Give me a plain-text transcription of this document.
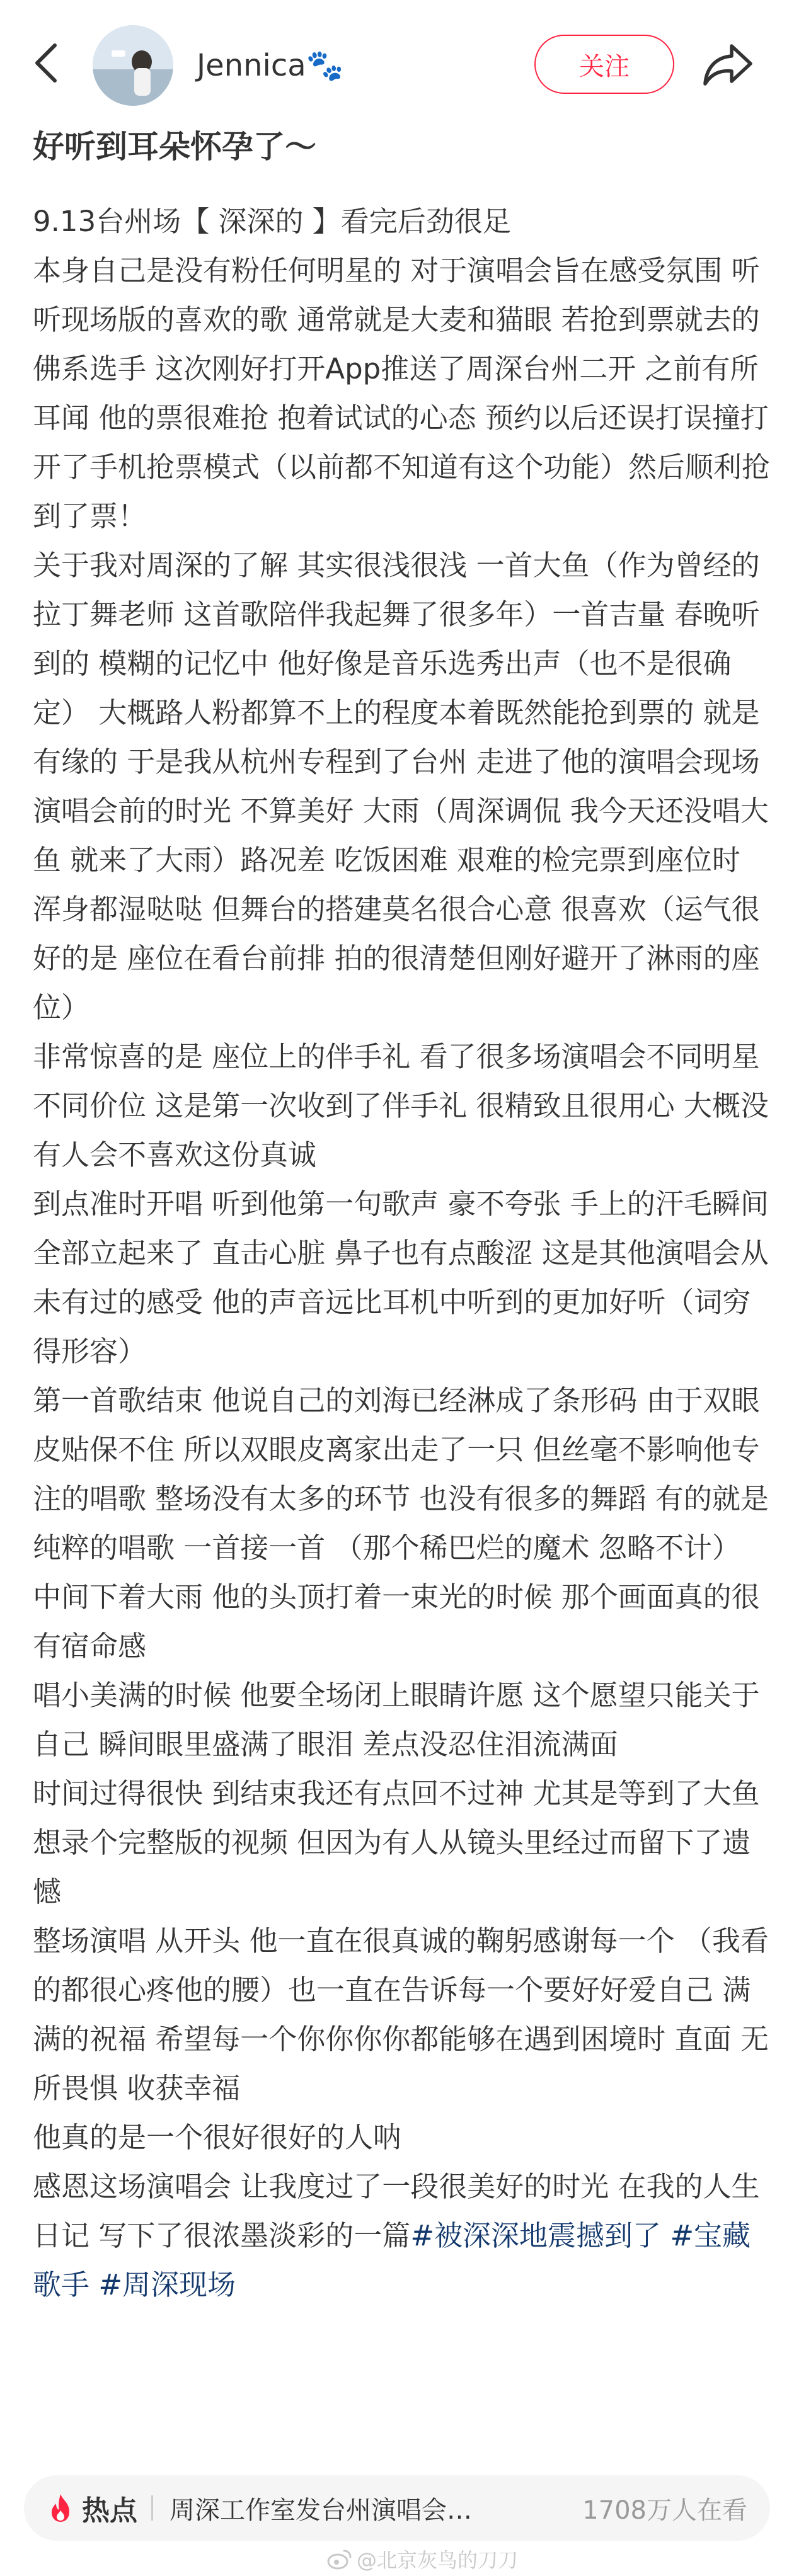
Jennica🐾	关注
好听到耳朵怀孕了～

9.13台州场【 深深的 】看完后劲很足

本身自己是没有粉任何明星的 对于演唱会旨在感受氛围 听听现场版的喜欢的歌 通常就是大麦和猫眼 若抢到票就去的佛系选手 这次刚好打开App推送了周深台州二开 之前有所耳闻 他的票很难抢 抱着试试的心态 预约以后还误打误撞打开了手机抢票模式（以前都不知道有这个功能）然后顺利抢到了票！

关于我对周深的了解 其实很浅很浅 一首大鱼（作为曾经的拉丁舞老师 这首歌陪伴我起舞了很多年）一首吉量 春晚听到的 模糊的记忆中 他好像是音乐选秀出声（也不是很确定） 大概路人粉都算不上的程度本着既然能抢到票的 就是有缘的 于是我从杭州专程到了台州 走进了他的演唱会现场

演唱会前的时光 不算美好 大雨（周深调侃 我今天还没唱大鱼 就来了大雨）路况差 吃饭困难 艰难的检完票到座位时 浑身都湿哒哒 但舞台的搭建莫名很合心意 很喜欢（运气很好的是 座位在看台前排 拍的很清楚但刚好避开了淋雨的座位）

非常惊喜的是 座位上的伴手礼 看了很多场演唱会不同明星不同价位 这是第一次收到了伴手礼 很精致且很用心 大概没有人会不喜欢这份真诚

到点准时开唱 听到他第一句歌声 豪不夸张 手上的汗毛瞬间全部立起来了 直击心脏 鼻子也有点酸涩 这是其他演唱会从未有过的感受 他的声音远比耳机中听到的更加好听（词穷得形容）

第一首歌结束 他说自己的刘海已经淋成了条形码 由于双眼皮贴保不住 所以双眼皮离家出走了一只 但丝毫不影响他专注的唱歌 整场没有太多的环节 也没有很多的舞蹈 有的就是纯粹的唱歌 一首接一首 （那个稀巴烂的魔术 忽略不计）

中间下着大雨 他的头顶打着一束光的时候 那个画面真的很有宿命感

唱小美满的时候 他要全场闭上眼睛许愿 这个愿望只能关于自己 瞬间眼里盛满了眼泪 差点没忍住泪流满面

时间过得很快 到结束我还有点回不过神 尤其是等到了大鱼 想录个完整版的视频 但因为有人从镜头里经过而留下了遗憾

整场演唱 从开头 他一直在很真诚的鞠躬感谢每一个 （我看的都很心疼他的腰）也一直在告诉每一个要好好爱自己 满满的祝福 希望每一个你你你你都能够在遇到困境时 直面 无所畏惧 收获幸福

他真的是一个很好很好的人呐

感恩这场演唱会 让我度过了一段很美好的时光 在我的人生日记 写下了很浓墨淡彩的一篇#被深深地震撼到了 #宝藏歌手 #周深现场

热点 周深工作室发台州演唱会…	1708万人在看
@北京灰鸟的刀刀
